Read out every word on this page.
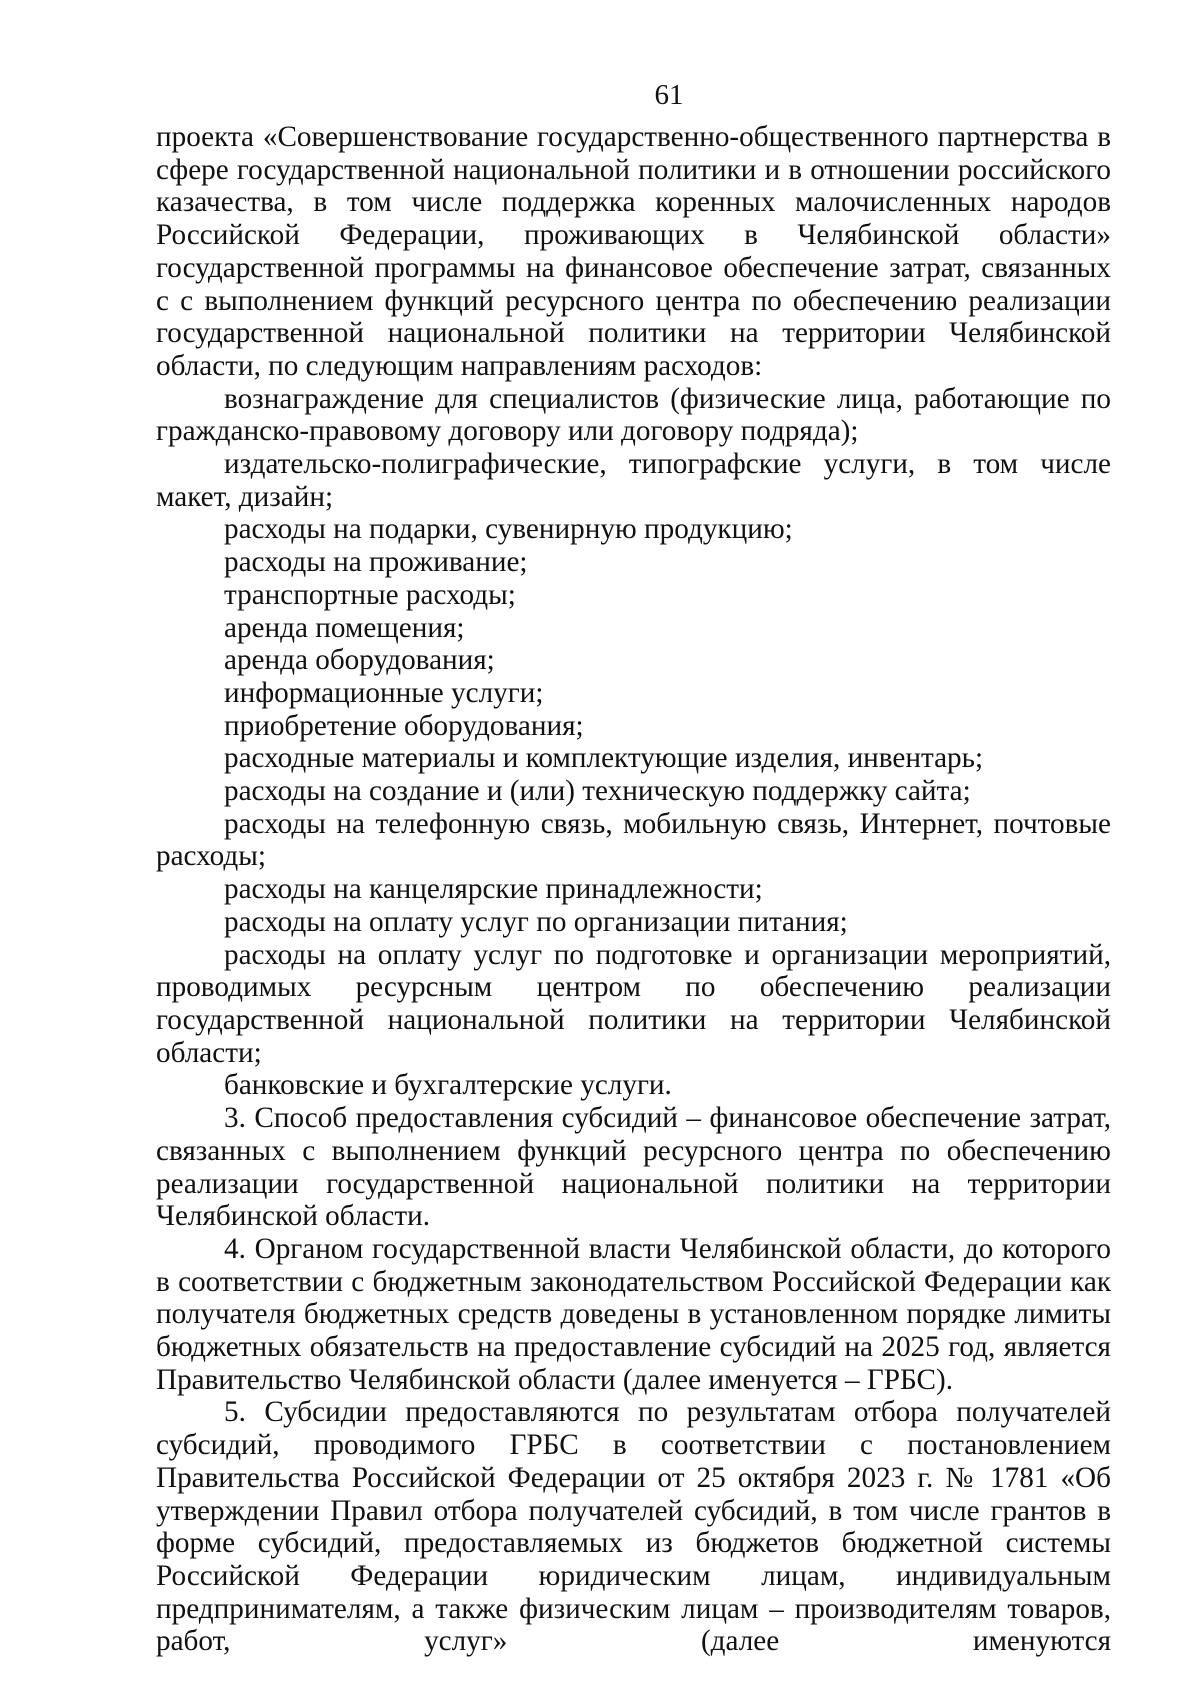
61

проекта «Совершенствование государственно-общественного партнерства в сфере государственной национальной политики и в отношении российского казачества, в том числе поддержка коренных малочисленных народов Российской Федерации, проживающих в Челябинской области» государственной программы на финансовое обеспечение затрат, связанных с с выполнением функций ресурсного центра по обеспечению реализации государственной национальной политики на территории Челябинской области, по следующим направлениям расходов:

вознаграждение для специалистов (физические лица, работающие по гражданско-правовому договору или договору подряда);

издательско-полиграфические, типографские услуги, в том числе макет, дизайн;

расходы на подарки, сувенирную продукцию;

расходы на проживание;

транспортные расходы;

аренда помещения;

аренда оборудования;

информационные услуги;

приобретение оборудования;

расходные материалы и комплектующие изделия, инвентарь;

расходы на создание и (или) техническую поддержку сайта;

расходы на телефонную связь, мобильную связь, Интернет, почтовые расходы;

расходы на канцелярские принадлежности;

расходы на оплату услуг по организации питания;

расходы на оплату услуг по подготовке и организации мероприятий, проводимых ресурсным центром по обеспечению реализации государственной национальной политики на территории Челябинской области;

банковские и бухгалтерские услуги.

3. Способ предоставления субсидий – финансовое обеспечение затрат, связанных с выполнением функций ресурсного центра по обеспечению реализации государственной национальной политики на территории Челябинской области.

4. Органом государственной власти Челябинской области, до которого в соответствии с бюджетным законодательством Российской Федерации как получателя бюджетных средств доведены в установленном порядке лимиты бюджетных обязательств на предоставление субсидий на 2025 год, является Правительство Челябинской области (далее именуется – ГРБС).

5. Субсидии предоставляются по результатам отбора получателей субсидий, проводимого ГРБС в соответствии с постановлением Правительства Российской Федерации от 25 октября 2023 г. № 1781 «Об утверждении Правил отбора получателей субсидий, в том числе грантов в форме субсидий, предоставляемых из бюджетов бюджетной системы Российской Федерации юридическим лицам, индивидуальным предпринимателям, а также физическим лицам – производителям товаров, работ, услуг» (далее именуются
